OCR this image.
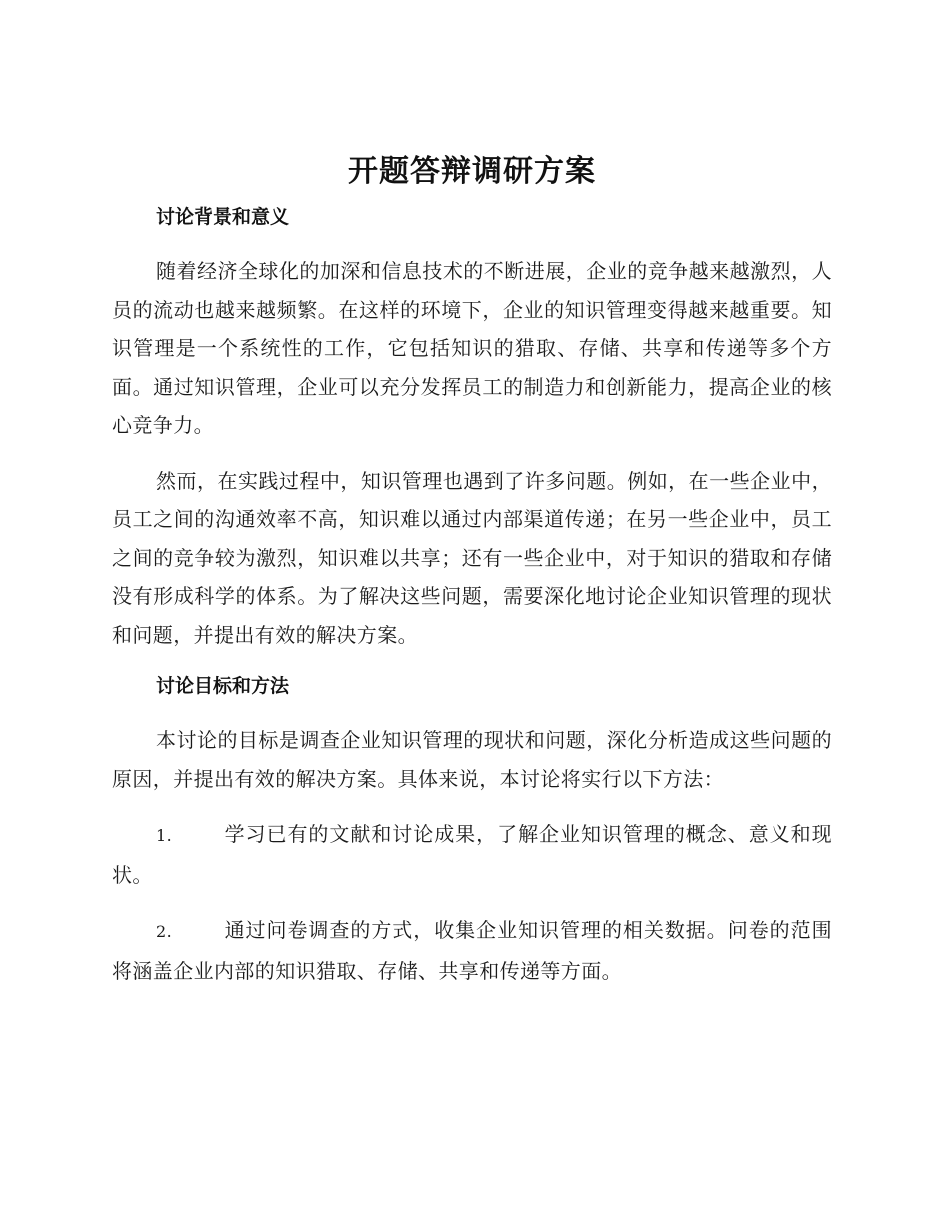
开题答辩调研方案
讨论背景和意义

随着经济全球化的加深和信息技术的不断进展，企业的竞争越来越激烈，人员的流动也越来越频繁。在这样的环境下，企业的知识管理变得越来越重要。知识管理是一个系统性的工作，它包括知识的猎取、存储、共享和传递等多个方面。通过知识管理，企业可以充分发挥员工的制造力和创新能力，提高企业的核心竞争力。

然而，在实践过程中，知识管理也遇到了许多问题。例如，在一些企业中，员工之间的沟通效率不高，知识难以通过内部渠道传递；在另一些企业中，员工之间的竞争较为激烈，知识难以共享；还有一些企业中，对于知识的猎取和存储没有形成科学的体系。为了解决这些问题，需要深化地讨论企业知识管理的现状和问题，并提出有效的解决方案。

讨论目标和方法

本讨论的目标是调查企业知识管理的现状和问题，深化分析造成这些问题的原因，并提出有效的解决方案。具体来说，本讨论将实行以下方法：

1.	学习已有的文献和讨论成果，了解企业知识管理的概念、意义和现状。

2.	通过问卷调查的方式，收集企业知识管理的相关数据。问卷的范围将涵盖企业内部的知识猎取、存储、共享和传递等方面。
